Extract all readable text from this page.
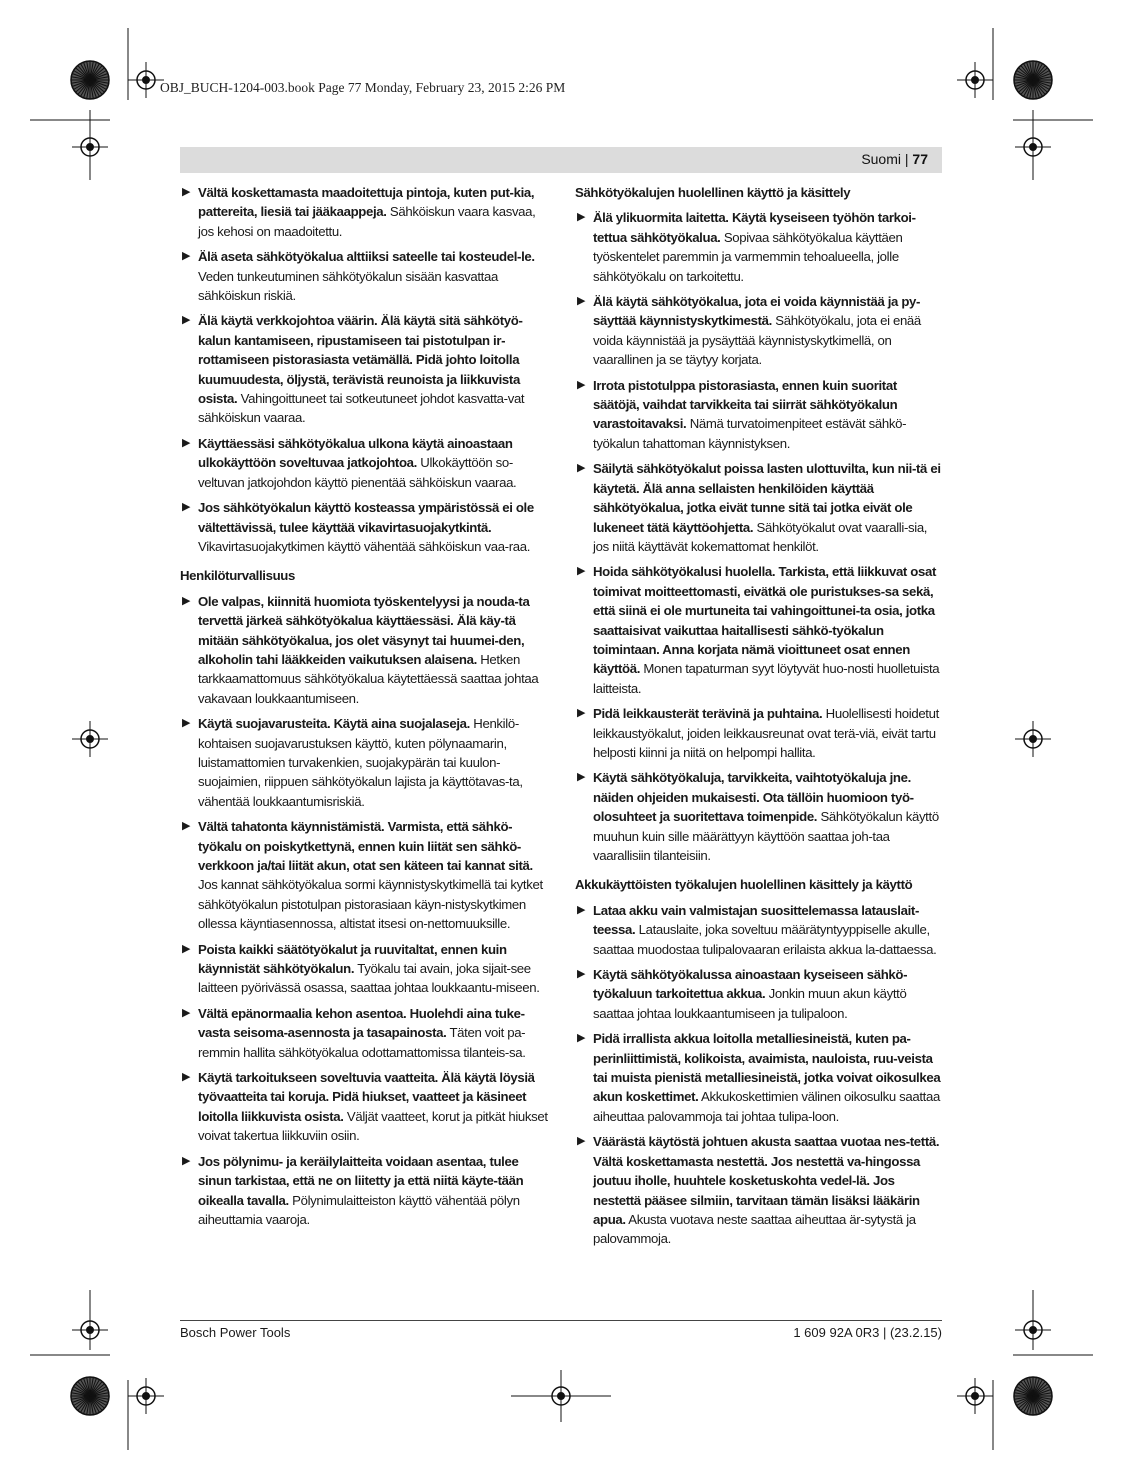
OBJ_BUCH-1204-003.book Page 77 Monday, February 23, 2015 2:26 PM
Suomi | 77
▶ Vältä koskettamasta maadoitettuja pintoja, kuten put-kia, pattereita, liesiä tai jääkaappeja. Sähköiskun vaara kasvaa, jos kehosi on maadoitettu.
▶ Älä aseta sähkötyökalua alttiiksi sateelle tai kosteudel-le. Veden tunkeutuminen sähkötyökalun sisään kasvattaa sähköiskun riskiä.
▶ Älä käytä verkkojohtoa väärin. Älä käytä sitä sähkötyö-kalun kantamiseen, ripustamiseen tai pistotulpan ir-rottamiseen pistorasiasta vetämällä. Pidä johto loitolla kuumuudesta, öljystä, terävistä reunoista ja liikkuvista osista. Vahingoittuneet tai sotkeutuneet johdot kasvatta-vat sähköiskun vaaraa.
▶ Käyttäessäsi sähkötyökalua ulkona käytä ainoastaan ulkokäyttöön soveltuvaa jatkojohtoa. Ulkokäyttöön so-veltuvan jatkojohdon käyttö pienentää sähköiskun vaaraa.
▶ Jos sähkötyökalun käyttö kosteassa ympäristössä ei ole vältettävissä, tulee käyttää vikavirtasuojakytkintä. Vikavirtasuojakytkimen käyttö vähentää sähköiskun vaa-raa.
Henkilöturvallisuus
▶ Ole valpas, kiinnitä huomiota työskentelyysi ja nouda-ta tervettä järkeä sähkötyökalua käyttäessäsi. Älä käy-tä mitään sähkötyökalua, jos olet väsynyt tai huumei-den, alkoholin tahi lääkkeiden vaikutuksen alaisena. Hetken tarkkaamattomuus sähkötyökalua käytettäessä saattaa johtaa vakavaan loukkaantumiseen.
▶ Käytä suojavarusteita. Käytä aina suojalaseja. Henkilö-kohtaisen suojavarustuksen käyttö, kuten pölynaamarin, luistamattomien turvakenkien, suojakypärän tai kuulon-suojaimien, riippuen sähkötyökalun lajista ja käyttötavas-ta, vähentää loukkaantumisriskiä.
▶ Vältä tahatonta käynnistämistä. Varmista, että sähkö-työkalu on poiskytkettynä, ennen kuin liität sen sähkö-verkkoon ja/tai liität akun, otat sen käteen tai kannat sitä. Jos kannat sähkötyökalua sormi käynnistyskytkimellä tai kytket sähkötyökalun pistotulpan pistorasiaan käyn-nistyskytkimen ollessa käyntiasennossa, altistat itsesi on-nettomuuksille.
▶ Poista kaikki säätötyökalut ja ruuvitaltat, ennen kuin käynnistät sähkötyökalun. Työkalu tai avain, joka sijait-see laitteen pyörivässä osassa, saattaa johtaa loukkaantu-miseen.
▶ Vältä epänormaalia kehon asentoa. Huolehdi aina tuke-vasta seisoma-asennosta ja tasapainosta. Täten voit pa-remmin hallita sähkötyökalua odottamattomissa tilanteis-sa.
▶ Käytä tarkoitukseen soveltuvia vaatteita. Älä käytä löysiä työvaatteita tai koruja. Pidä hiukset, vaatteet ja käsineet loitolla liikkuvista osista. Väljät vaatteet, korut ja pitkät hiukset voivat takertua liikkuviin osiin.
▶ Jos pölynimu- ja keräilylaitteita voidaan asentaa, tulee sinun tarkistaa, että ne on liitetty ja että niitä käyte-tään oikealla tavalla. Pölynimulaitteiston käyttö vähentää pölyn aiheuttamia vaaroja.
Sähkötyökalujen huolellinen käyttö ja käsittely
▶ Älä ylikuormita laitetta. Käytä kyseiseen työhön tarkoi-tettua sähkötyökalua. Sopivaa sähkötyökalua käyttäen työskentelet paremmin ja varmemmin tehoalueella, jolle sähkötyökalu on tarkoitettu.
▶ Älä käytä sähkötyökalua, jota ei voida käynnistää ja py-säyttää käynnistyskytkimestä. Sähkötyökalu, jota ei enää voida käynnistää ja pysäyttää käynnistyskytkimellä, on vaarallinen ja se täytyy korjata.
▶ Irrota pistotulppa pistorasiasta, ennen kuin suoritat säätöjä, vaihdat tarvikkeita tai siirrät sähkötyökalun varastoitavaksi. Nämä turvatoimenpiteet estävät sähkö-työkalun tahattoman käynnistyksen.
▶ Säilytä sähkötyökalut poissa lasten ulottuvilta, kun nii-tä ei käytetä. Älä anna sellaisten henkilöiden käyttää sähkötyökalua, jotka eivät tunne sitä tai jotka eivät ole lukeneet tätä käyttöohjetta. Sähkötyökalut ovat vaaralli-sia, jos niitä käyttävät kokemattomat henkilöt.
▶ Hoida sähkötyökalusi huolella. Tarkista, että liikkuvat osat toimivat moitteettomasti, eivätkä ole puristukses-sa sekä, että siinä ei ole murtuneita tai vahingoittunei-ta osia, jotka saattaisivat vaikuttaa haitallisesti sähkö-työkalun toimintaan. Anna korjata nämä vioittuneet osat ennen käyttöä. Monen tapaturman syyt löytyvät huo-nosti huolletuista laitteista.
▶ Pidä leikkausterät terävinä ja puhtaina. Huolellisesti hoidetut leikkaustyökalut, joiden leikkausreunat ovat terä-viä, eivät tartu helposti kiinni ja niitä on helpompi hallita.
▶ Käytä sähkötyökaluja, tarvikkeita, vaihtotyökaluja jne. näiden ohjeiden mukaisesti. Ota tällöin huomioon työ-olosuhteet ja suoritettava toimenpide. Sähkötyökalun käyttö muuhun kuin sille määrättyyn käyttöön saattaa joh-taa vaarallisiin tilanteisiin.
Akkukäyttöisten työkalujen huolellinen käsittely ja käyttö
▶ Lataa akku vain valmistajan suosittelemassa latauslait-teessa. Latauslaite, joka soveltuu määrätyntyyppiselle akulle, saattaa muodostaa tulipalovaaran erilaista akkua la-dattaessa.
▶ Käytä sähkötyökalussa ainoastaan kyseiseen sähkö-työkaluun tarkoitettua akkua. Jonkin muun akun käyttö saattaa johtaa loukkaantumiseen ja tulipaloon.
▶ Pidä irrallista akkua loitolla metalliesineistä, kuten pa-perinliittimistä, kolikoista, avaimista, nauloista, ruu-veista tai muista pienistä metalliesineistä, jotka voivat oikosulkea akun koskettimet. Akkukoskettimien välinen oikosulku saattaa aiheuttaa palovammoja tai johtaa tulipa-loon.
▶ Väärästä käytöstä johtuen akusta saattaa vuotaa nes-tettä. Vältä koskettamasta nestettä. Jos nestettä va-hingossa joutuu iholle, huuhtele kosketuskohta vedel-lä. Jos nestettä pääsee silmiin, tarvitaan tämän lisäksi lääkärin apua. Akusta vuotava neste saattaa aiheuttaa är-sytystä ja palovammoja.
Bosch Power Tools	1 609 92A 0R3 | (23.2.15)
